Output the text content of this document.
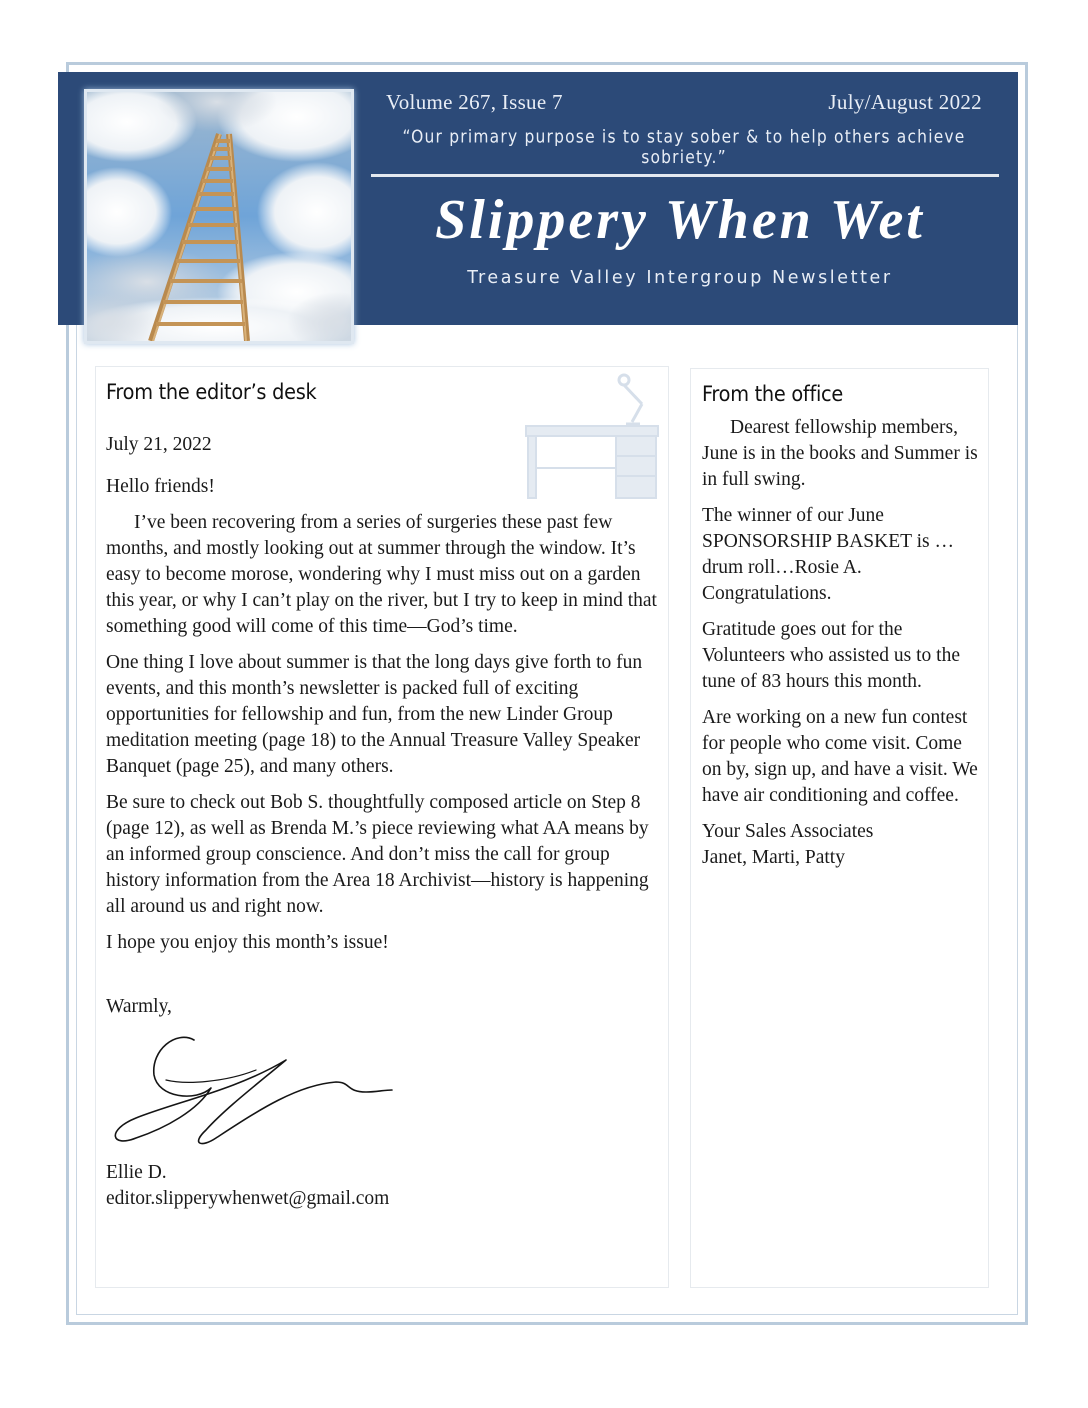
Volume 267, Issue 7	July/August 2022
“Our primary purpose is to stay sober & to help others achieve sobriety.”
Slippery When Wet
Treasure Valley Intergroup Newsletter
From the editor’s desk

July 21, 2022

Hello friends!

I’ve been recovering from a series of surgeries these past few months, and mostly looking out at summer through the window. It’s easy to become morose, wondering why I must miss out on a garden this year, or why I can’t play on the river, but I try to keep in mind that something good will come of this time—God’s time.

One thing I love about summer is that the long days give forth to fun events, and this month’s newsletter is packed full of exciting opportunities for fellowship and fun, from the new Linder Group meditation meeting (page 18) to the Annual Treasure Valley Speaker Banquet (page 25), and many others.

Be sure to check out Bob S. thoughtfully composed article on Step 8 (page 12), as well as Brenda M.’s piece reviewing what AA means by an informed group conscience. And don’t miss the call for group history information from the Area 18 Archivist—history is happening all around us and right now.

I hope you enjoy this month’s issue!

Warmly,

Ellie D.
editor.slipperywhenwet@gmail.com
From the office

Dearest fellowship members, June is in the books and Summer is in full swing.

The winner of our June SPONSORSHIP BASKET is … drum roll…Rosie A. Congratulations.

Gratitude goes out for the Volunteers who assisted us to the tune of 83 hours this month.

Are working on a new fun contest for people who come visit. Come on by, sign up, and have a visit. We have air conditioning and coffee.

Your Sales Associates
Janet, Marti, Patty
